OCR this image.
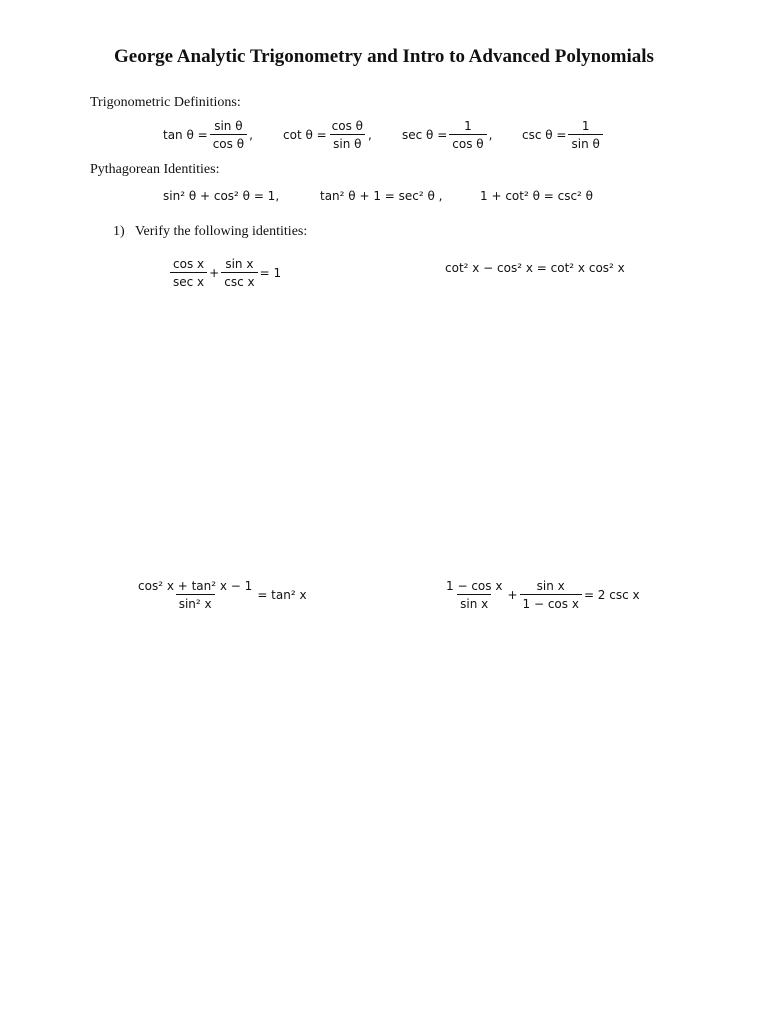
George Analytic Trigonometry and Intro to Advanced Polynomials
Trigonometric Definitions:
$\tan \theta = \frac{\text{sin θ}}{\text{cos θ}}$ ,	$\cot \theta = \frac{\text{cos θ}}{\text{sin θ}}$ ,	$\sec \theta = \frac{1}{\text{cos θ}}$ , $\csc \theta = \frac{1}{\text{sin θ}}$
Pythagorean Identities:
sin² θ + cos² θ = 1,	tan² θ + 1 = sec² θ ,	1 + cot² θ = csc² θ
1) Verify the following identities:
$\frac{\text{cos x}}{\text{sec x}} + \frac{\text{sin x}}{\text{csc x}} = 1$	cot² x − cos² x = cot² x cos² x
$\frac{\text{cos² x + tan² x − 1}}{\text{sin² x}} = \tan^2$ x	$\frac{\text{1 − cos x}}{\text{sin x}} + \frac{\text{sin x}}{\text{1 − cos x}} = 2$ csc x
